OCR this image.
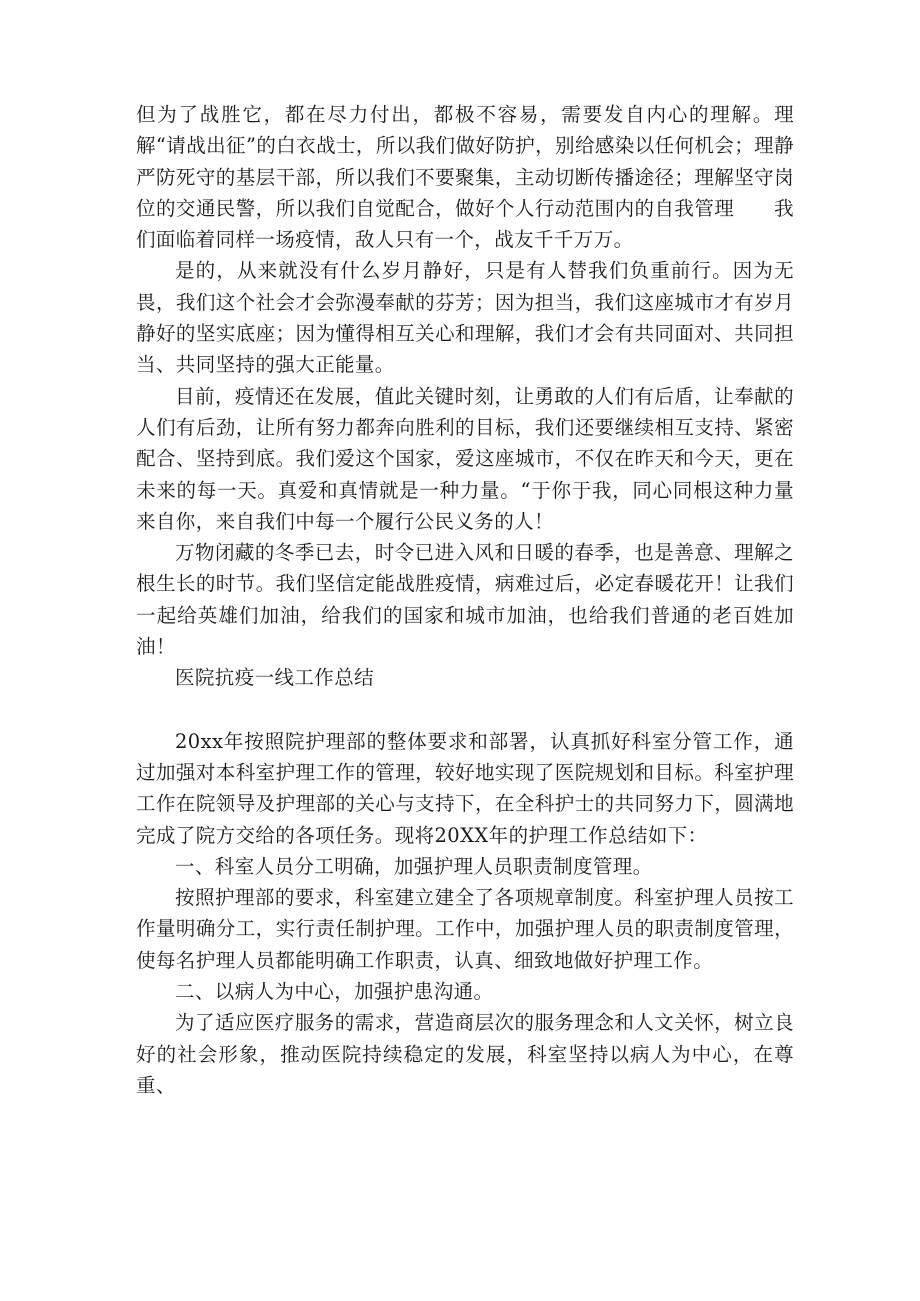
但为了战胜它，都在尽力付出，都极不容易，需要发自内心的理解。理解“请战出征”的白衣战士，所以我们做好防护，别给感染以任何机会；理静严防死守的基层干部，所以我们不要聚集，主动切断传播途径；理解坚守岗位的交通民警，所以我们自觉配合，做好个人行动范围内的自我管理　　我们面临着同样一场疫情，敌人只有一个，战友千千万万。

是的，从来就没有什么岁月静好，只是有人替我们负重前行。因为无畏，我们这个社会才会弥漫奉献的芬芳；因为担当，我们这座城市才有岁月静好的坚实底座；因为懂得相互关心和理解，我们才会有共同面对、共同担当、共同坚持的强大正能量。

目前，疫情还在发展，值此关键时刻，让勇敢的人们有后盾，让奉献的人们有后劲，让所有努力都奔向胜利的目标，我们还要继续相互支持、紧密配合、坚持到底。我们爱这个国家，爱这座城市，不仅在昨天和今天，更在未来的每一天。真爱和真情就是一种力量。“于你于我，同心同根这种力量来自你，来自我们中每一个履行公民义务的人！

万物闭藏的冬季已去，时令已进入风和日暖的春季，也是善意、理解之根生长的时节。我们坚信定能战胜疫情，病难过后，必定春暖花开！让我们一起给英雄们加油，给我们的国家和城市加油，也给我们普通的老百姓加油！

医院抗疫一线工作总结

20xx年按照院护理部的整体要求和部署，认真抓好科室分管工作，通过加强对本科室护理工作的管理，较好地实现了医院规划和目标。科室护理工作在院领导及护理部的关心与支持下，在全科护士的共同努力下，圆满地完成了院方交给的各项任务。现将20XX年的护理工作总结如下：

一、科室人员分工明确，加强护理人员职责制度管理。

按照护理部的要求，科室建立建全了各项规章制度。科室护理人员按工作量明确分工，实行责任制护理。工作中，加强护理人员的职责制度管理，使每名护理人员都能明确工作职责，认真、细致地做好护理工作。

二、以病人为中心，加强护患沟通。

为了适应医疗服务的需求，营造商层次的服务理念和人文关怀，树立良好的社会形象，推动医院持续稳定的发展，科室坚持以病人为中心，在尊重、
